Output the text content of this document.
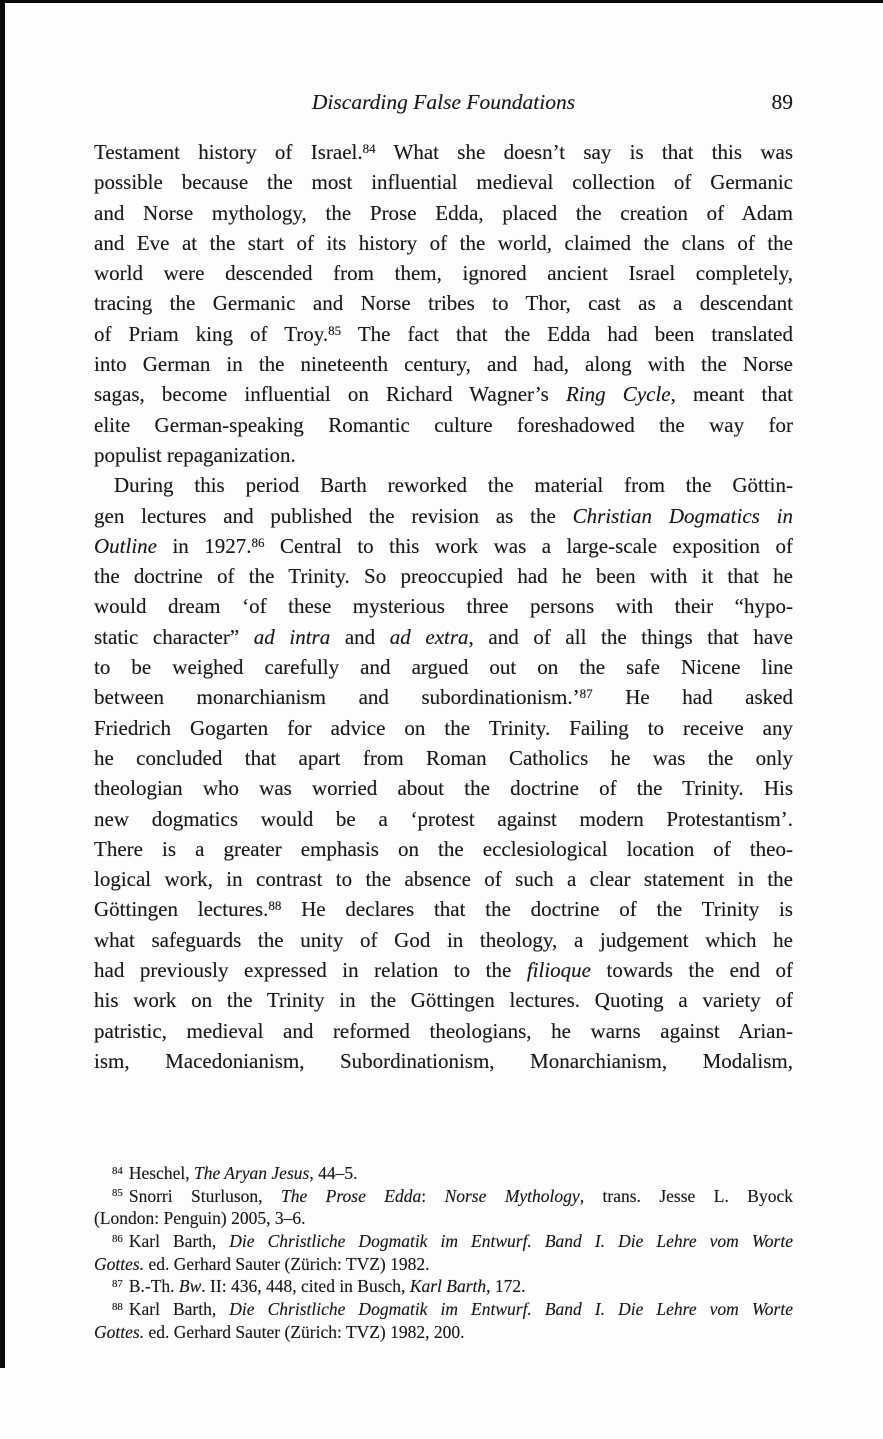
Discarding False Foundations	89
Testament history of Israel.$^{84}$ What she doesn’t say is that this was
possible because the most influential medieval collection of Germanic
and Norse mythology, the Prose Edda, placed the creation of Adam
and Eve at the start of its history of the world, claimed the clans of the
world were descended from them, ignored ancient Israel completely,
tracing the Germanic and Norse tribes to Thor, cast as a descendant
of Priam king of Troy.$^{85}$ The fact that the Edda had been translated
into German in the nineteenth century, and had, along with the Norse
sagas, become influential on Richard Wagner’s Ring Cycle, meant that
elite German-speaking Romantic culture foreshadowed the way for
populist repaganization.
During this period Barth reworked the material from the Göttin-
gen lectures and published the revision as the Christian Dogmatics in
Outline in 1927.86 Central to this work was a large-scale exposition of
the doctrine of the Trinity. So preoccupied had he been with it that he
would dream ‘of these mysterious three persons with their “hypo-
static character” ad intra and ad extra, and of all the things that have
to be weighed carefully and argued out on the safe Nicene line
between monarchianism and subordinationism.’$^{87}$ He had asked
Friedrich Gogarten for advice on the Trinity. Failing to receive any
he concluded that apart from Roman Catholics he was the only
theologian who was worried about the doctrine of the Trinity. His
new dogmatics would be a ‘protest against modern Protestantism’.
There is a greater emphasis on the ecclesiological location of theo-
logical work, in contrast to the absence of such a clear statement in the
Göttingen lectures.$^{88}$ He declares that the doctrine of the Trinity is
what safeguards the unity of God in theology, a judgement which he
had previously expressed in relation to the filioque towards the end of
his work on the Trinity in the Göttingen lectures. Quoting a variety of
patristic, medieval and reformed theologians, he warns against Arian-
ism, Macedonianism, Subordinationism, Monarchianism, Modalism,
$^{84}$ Heschel, The Aryan Jesus, 44–5.
$^{85}$ Snorri Sturluson, The Prose Edda: Norse Mythology, trans. Jesse L. Byock
(London: Penguin) 2005, 3–6.
$^{86}$ Karl Barth, Die Christliche Dogmatik im Entwurf. Band I. Die Lehre vom Worte
Gottes. ed. Gerhard Sauter (Zürich: TVZ) 1982.
$^{87}$ B.-Th. Bw. II: 436, 448, cited in Busch, Karl Barth, 172.
$^{88}$ Karl Barth, Die Christliche Dogmatik im Entwurf. Band I. Die Lehre vom Worte
Gottes. ed. Gerhard Sauter (Zürich: TVZ) 1982, 200.
